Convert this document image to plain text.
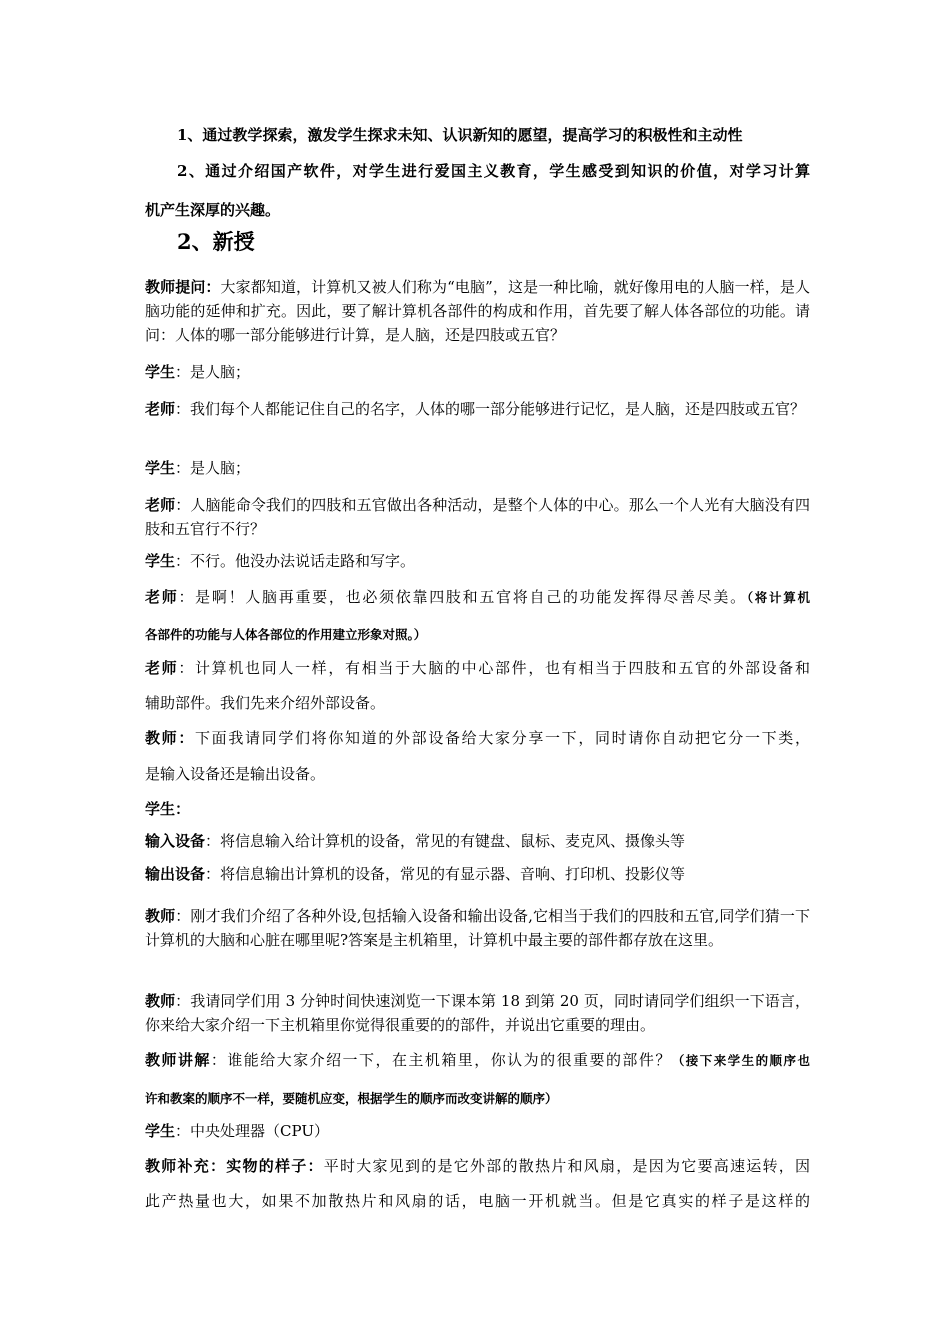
1、通过教学探索，激发学生探求未知、认识新知的愿望，提高学习的积极性和主动性
2、通过介绍国产软件，对学生进行爱国主义教育，学生感受到知识的价值，对学习计算
机产生深厚的兴趣。
2、新授
教师提问：大家都知道，计算机又被人们称为“电脑”，这是一种比喻，就好像用电的人脑一样，是人脑功能的延伸和扩充。因此，要了解计算机各部件的构成和作用，首先要了解人体各部位的功能。请问：人体的哪一部分能够进行计算，是人脑，还是四肢或五官？
学生：是人脑；
老师：我们每个人都能记住自己的名字，人体的哪一部分能够进行记忆，是人脑，还是四肢或五官？
学生：是人脑；
老师：人脑能命令我们的四肢和五官做出各种活动，是整个人体的中心。那么一个人光有大脑没有四肢和五官行不行？
学生：不行。他没办法说话走路和写字。
老师：是啊！人脑再重要，也必须依靠四肢和五官将自己的功能发挥得尽善尽美。（将计算机
各部件的功能与人体各部位的作用建立形象对照。）
老师：计算机也同人一样，有相当于大脑的中心部件，也有相当于四肢和五官的外部设备和
辅助部件。我们先来介绍外部设备。
教师：下面我请同学们将你知道的外部设备给大家分享一下，同时请你自动把它分一下类，
是输入设备还是输出设备。
学生：
输入设备：将信息输入给计算机的设备，常见的有键盘、鼠标、麦克风、摄像头等
输出设备：将信息输出计算机的设备，常见的有显示器、音响、打印机、投影仪等
教师：刚才我们介绍了各种外设,包括输入设备和输出设备,它相当于我们的四肢和五官,同学们猜一下计算机的大脑和心脏在哪里呢?答案是主机箱里，计算机中最主要的部件都存放在这里。
教师：我请同学们用 3 分钟时间快速浏览一下课本第 18 到第 20 页，同时请同学们组织一下语言，你来给大家介绍一下主机箱里你觉得很重要的的部件，并说出它重要的理由。
教师讲解：谁能给大家介绍一下，在主机箱里，你认为的很重要的部件？（接下来学生的顺序也
许和教案的顺序不一样，要随机应变，根据学生的顺序而改变讲解的顺序）
学生：中央处理器（CPU）
教师补充：实物的样子：平时大家见到的是它外部的散热片和风扇，是因为它要高速运转，因
此产热量也大，如果不加散热片和风扇的话，电脑一开机就当。但是它真实的样子是这样的
